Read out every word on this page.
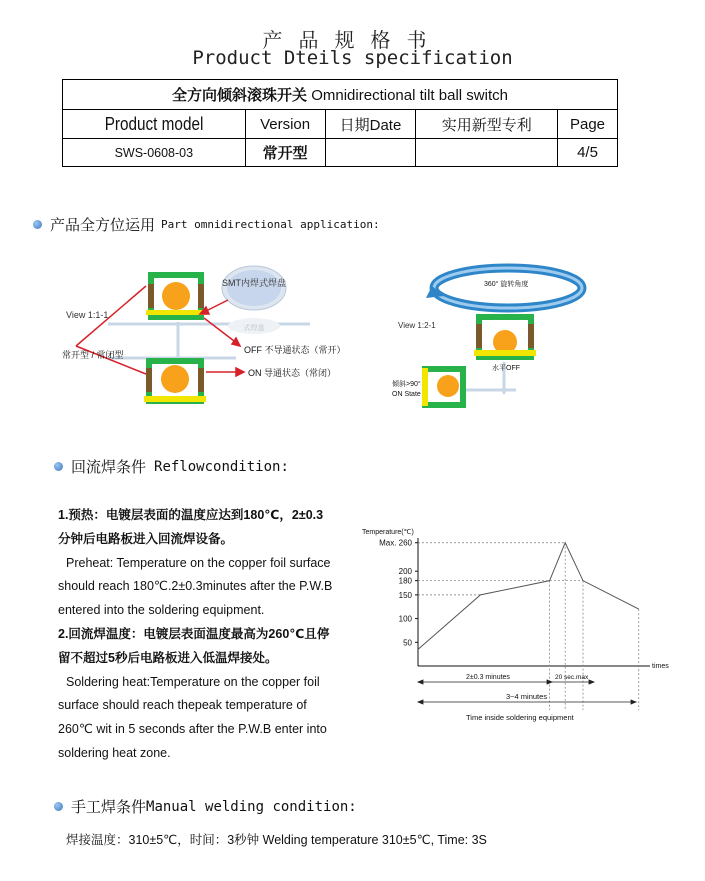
产品规格书
Product Dteils specification
全方向倾斜滚珠开关 Omnidirectional tilt ball switch				
Product model	Version	日期Date	实用新型专利	Page
SWS-0608-03	常开型			4/5
产品全方位运用 Part omnidirectional application:
SMT内焊式焊盘
式焊盘
View 1:1-1
常开型 / 常闭型	OFF 不导通状态（常开）
ON 导通状态（常闭）
360° 旋转角度
水平OFF
View 1:2-1
倾斜>90°
ON State
回流焊条件 Reflowcondition:
1.预热：电镀层表面的温度应达到180℃，2±0.3
分钟后电路板进入回流焊设备。
Preheat: Temperature on the copper foil surface
should reach 180℃.2±0.3minutes after the P.W.B
entered into the soldering equipment.
2.回流焊温度：电镀层表面温度最高为260℃且停
留不超过5秒后电路板进入低温焊接处。
Soldering heat:Temperature on the copper foil
surface should reach thepeak temperature of
260℃ wit in 5 seconds after the P.W.B enter into
soldering heat zone.
Temperature(℃)
times
50
100
150
180
200
Max. 260
2±0.3 minutes	20 sec.max
3~4 minutes
Time inside soldering equipment
手工焊条件 Manual welding condition:
焊接温度：310±5℃，时间：3秒钟 Welding temperature 310±5℃, Time: 3S
